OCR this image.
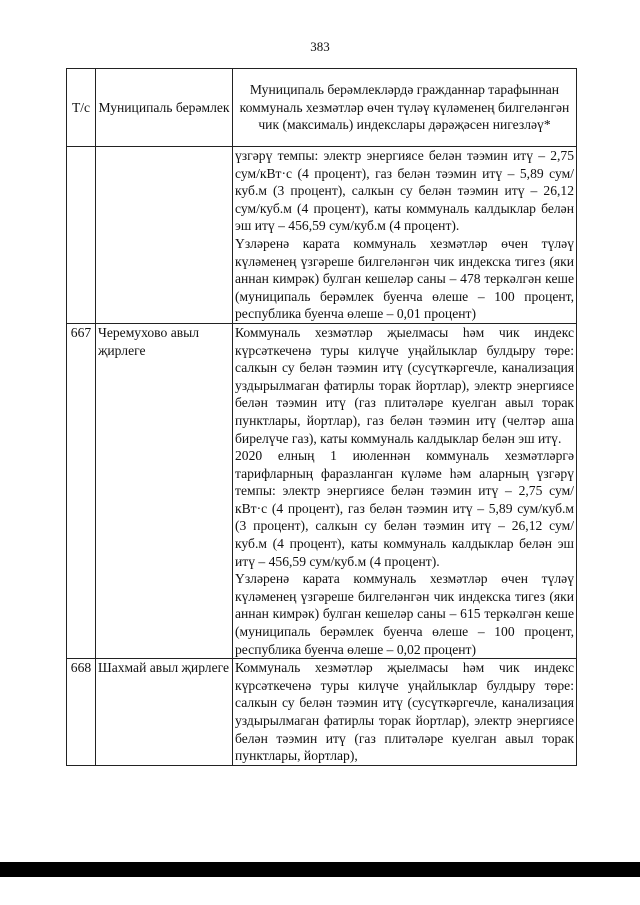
383
Т/с	Муниципаль берәмлек	Муниципаль берәмлекләрдә гражданнар тарафыннан коммуналь хезмәтләр өчен түләү күләменең билгеләнгән чик (максималь) индекслары дәрәҗәсен нигезләү*

		үзгәрү темпы: электр энергиясе белән тәэмин итү – 2,75 сум/кВт·с (4 процент), газ белән тәэмин итү – 5,89 сум/куб.м (3 процент), салкын су белән тәэмин итү – 26,12 сум/куб.м (4 процент), каты коммуналь калдыклар белән эш итү – 456,59 сум/куб.м (4 процент).
Үзләренә карата коммуналь хезмәтләр өчен түләү күләменең үзгәреше билгеләнгән чик индекска тигез (яки аннан кимрәк) булган кешеләр саны – 478 теркәлгән кеше (муниципаль берәмлек буенча өлеше – 100 процент, республика буенча өлеше – 0,01 процент)

667	Черемухово авыл җирлеге	Коммуналь хезмәтләр җыелмасы һәм чик индекс күрсәткеченә туры килүче уңайлыклар булдыру төре: салкын су белән тәэмин итү (сусүткәргечле, канализация уздырылмаган фатирлы торак йортлар), электр энергиясе белән тәэмин итү (газ плитәләре куелган авыл торак пунктлары, йортлар), газ белән тәэмин итү (челтәр аша бирелүче газ), каты коммуналь калдыклар белән эш итү.
2020 елның 1 июленнән коммуналь хезмәтләргә тарифларның фаразланган күләме һәм аларның үзгәрү темпы: электр энергиясе белән тәэмин итү – 2,75 сум/кВт·с (4 процент), газ белән тәэмин итү – 5,89 сум/куб.м (3 процент), салкын су белән тәэмин итү – 26,12 сум/куб.м (4 процент), каты коммуналь калдыклар белән эш итү – 456,59 сум/куб.м (4 процент).
Үзләренә карата коммуналь хезмәтләр өчен түләү күләменең үзгәреше билгеләнгән чик индекска тигез (яки аннан кимрәк) булган кешеләр саны – 615 теркәлгән кеше (муниципаль берәмлек буенча өлеше – 100 процент, республика буенча өлеше – 0,02 процент)

668	Шахмай авыл җирлеге	Коммуналь хезмәтләр җыелмасы һәм чик индекс күрсәткеченә туры килүче уңайлыклар булдыру төре: салкын су белән тәэмин итү (сусүткәргечле, канализация уздырылмаган фатирлы торак йортлар), электр энергиясе белән тәэмин итү (газ плитәләре куелган авыл торак пунктлары, йортлар),
